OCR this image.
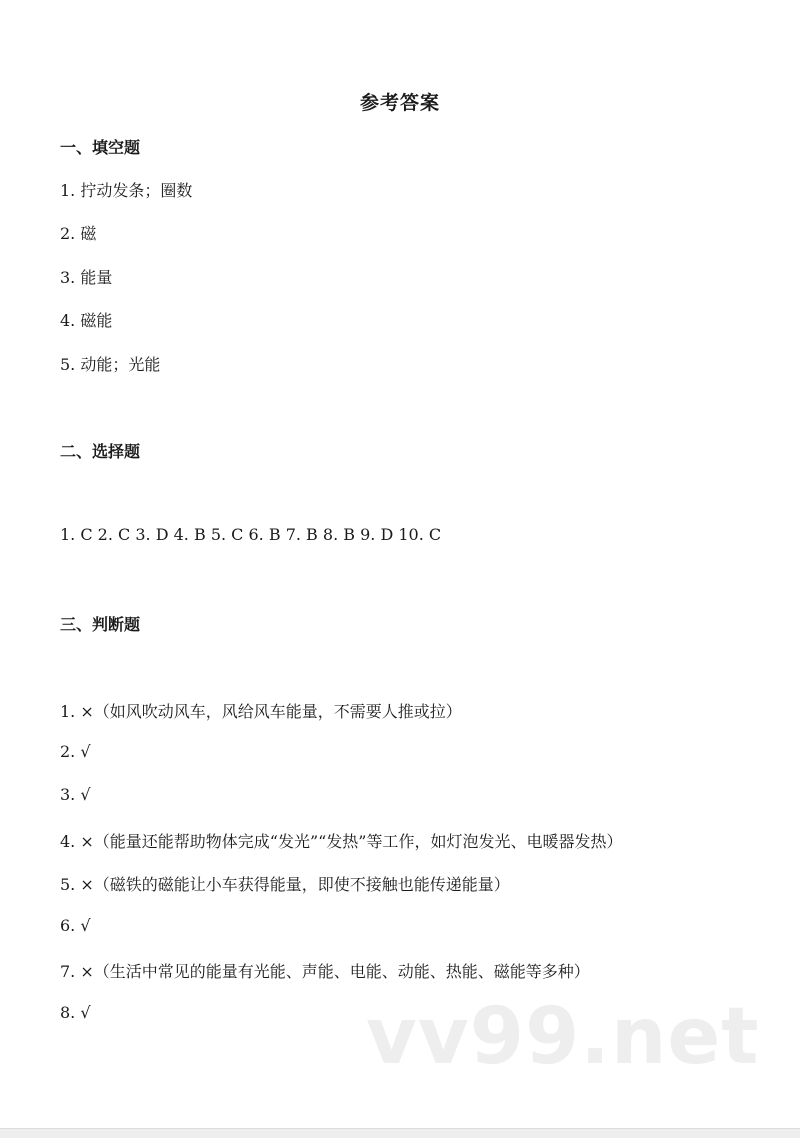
参考答案
一、填空题
1. 拧动发条；圈数
2. 磁
3. 能量
4. 磁能
5. 动能；光能
二、选择题
1. C 2. C 3. D 4. B 5. C 6. B 7. B 8. B 9. D 10. C
三、判断题
1. ×（如风吹动风车，风给风车能量，不需要人推或拉）
2. √
3. √
4. ×（能量还能帮助物体完成“发光”“发热”等工作，如灯泡发光、电暖器发热）
5. ×（磁铁的磁能让小车获得能量，即使不接触也能传递能量）
6. √
7. ×（生活中常见的能量有光能、声能、电能、动能、热能、磁能等多种）
8. √	vv99.net
